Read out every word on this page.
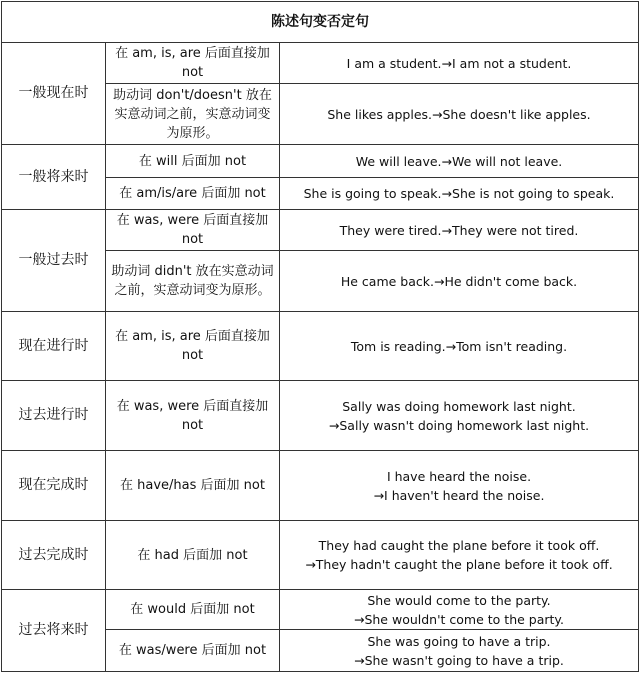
陈述句变否定句		
一般现在时	在 am, is, are 后面直接加 not	I am a student.→I am not a student.
	助动词 don't/doesn't 放在实意动词之前，实意动词变为原形。	She likes apples.→She doesn't like apples.
一般将来时	在 will 后面加 not	We will leave.→We will not leave.
	在 am/is/are 后面加 not	She is going to speak.→She is not going to speak.
一般过去时	在 was, were 后面直接加 not	They were tired.→They were not tired.
	助动词 didn't 放在实意动词之前，实意动词变为原形。	He came back.→He didn't come back.
现在进行时	在 am, is, are 后面直接加 not	Tom is reading.→Tom isn't reading.
过去进行时	在 was, were 后面直接加 not	Sally was doing homework last night.
→Sally wasn't doing homework last night.
现在完成时	在 have/has 后面加 not	I have heard the noise.
→I haven't heard the noise.
过去完成时	在 had 后面加 not	They had caught the plane before it took off.
→They hadn't caught the plane before it took off.
过去将来时	在 would 后面加 not	She would come to the party.
→She wouldn't come to the party.
	在 was/were 后面加 not	She was going to have a trip.
→She wasn't going to have a trip.
